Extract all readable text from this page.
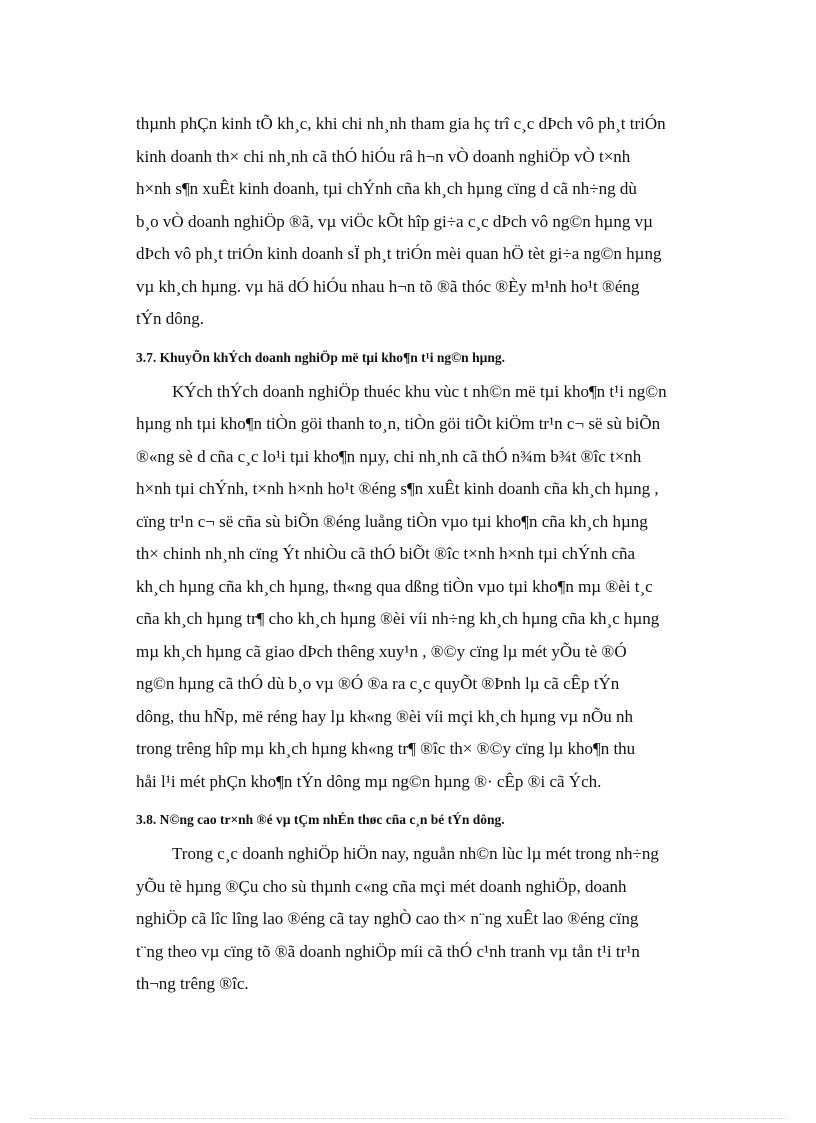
thµnh phÇn kinh tÕ kh¸c, khi chi nh¸nh tham gia hç trî c¸c dÞch vô ph¸t triÓn
kinh doanh th× chi nh¸nh cã thÓ hiÓu râ h¬n vÒ doanh nghiÖp vÒ t×nh
h×nh s¶n xuÊt kinh doanh, tµi chÝnh cña kh¸ch hµng cïng d cã nh÷ng dù
b¸o vÒ doanh nghiÖp ®ã, vµ viÖc kÕt hîp gi÷a c¸c dÞch vô ng©n hµng vµ
dÞch vô ph¸t triÓn kinh doanh sÏ ph¸t triÓn mèi quan hÖ tèt gi÷a ng©n hµng
vµ kh¸ch hµng. vµ hä dÓ hiÓu nhau h¬n tõ ®ã thóc ®Èy m¹nh ho¹t ®éng
tÝn dông.

3.7. KhuyÕn khÝch doanh nghiÖp më tµi kho¶n t¹i ng©n hµng.

KÝch thÝch doanh nghiÖp thuéc khu vùc t nh©n më tµi kho¶n t¹i ng©n
hµng nh tµi kho¶n tiÒn göi thanh to¸n, tiÒn göi tiÕt kiÖm tr¹n c¬ së sù biÕn
®«ng sè d cña c¸c lo¹i tµi kho¶n nµy, chi nh¸nh cã thÓ n¾m b¾t ®îc t×nh
h×nh tµi chÝnh, t×nh h×nh ho¹t ®éng s¶n xuÊt kinh doanh cña kh¸ch hµng ,
cïng tr¹n c¬ së cña sù biÕn ®éng luång tiÒn vµo tµi kho¶n cña kh¸ch hµng
th× chinh nh¸nh cïng Ýt nhiÒu cã thÓ biÕt ®îc t×nh h×nh tµi chÝnh cña
kh¸ch hµng cña kh¸ch hµng, th«ng qua dßng tiÒn vµo tµi kho¶n mµ ®èi t¸c
cña kh¸ch hµng tr¶ cho kh¸ch hµng ®èi víi nh÷ng kh¸ch hµng cña kh¸c hµng
mµ kh¸ch hµng cã giao dÞch thêng xuy¹n , ®©y cïng lµ mét yÕu tè ®Ó
ng©n hµng cã thÓ dù b¸o vµ ®Ó ®a ra c¸c quyÕt ®Þnh lµ cã cÊp tÝn
dông, thu hÑp, më réng hay lµ kh«ng ®èi víi mçi kh¸ch hµng vµ nÕu nh
trong trêng hîp mµ kh¸ch hµng kh«ng tr¶ ®îc th× ®©y cïng lµ kho¶n thu
håi l¹i mét phÇn kho¶n tÝn dông mµ ng©n hµng ®· cÊp ®i cã Ých.

3.8. N©ng cao tr×nh ®é vµ tÇm nhÉn thøc cña c¸n bé tÝn dông.

Trong c¸c doanh nghiÖp hiÖn nay, nguån nh©n lùc lµ mét trong nh÷ng
yÕu tè hµng ®Çu cho sù thµnh c«ng cña mçi mét doanh nghiÖp, doanh
nghiÖp cã lîc lîng lao ®éng cã tay nghÒ cao th× n¨ng xuÊt lao ®éng cïng
t¨ng theo vµ cïng tõ ®ã doanh nghiÖp míi cã thÓ c¹nh tranh vµ tån t¹i tr¹n
th¬ng trêng ®îc.
